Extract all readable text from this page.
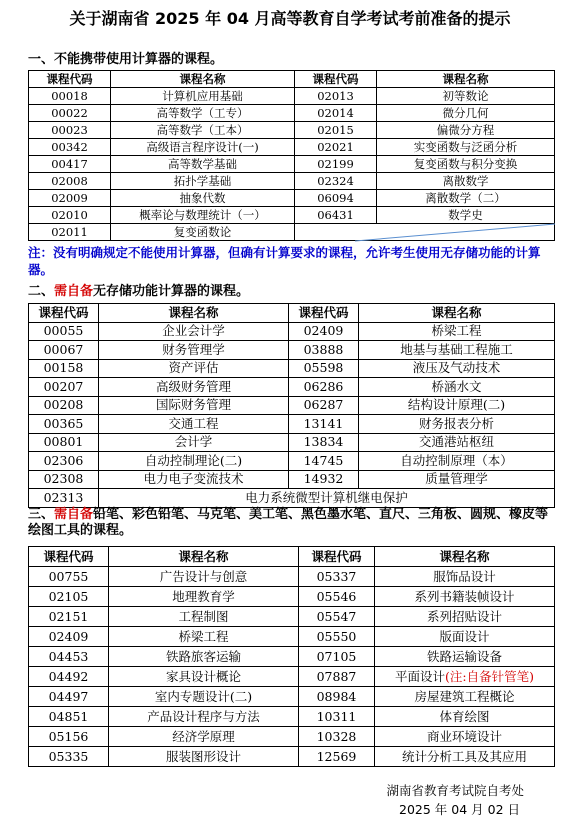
关于湖南省 2025 年 04 月高等教育自学考试考前准备的提示
一、不能携带使用计算器的课程。
课程代码	课程名称	课程代码	课程名称
00018	计算机应用基础	02013	初等数论
00022	高等数学（工专）	02014	微分几何
00023	高等数学（工本）	02015	偏微分方程
00342	高级语言程序设计(一)	02021	实变函数与泛函分析
00417	高等数学基础	02199	复变函数与积分变换
02008	拓扑学基础	02324	离散数学
02009	抽象代数	06094	离散数学（二）
02010	概率论与数理统计（一）	06431	数学史
02011	复变函数论		
注：没有明确规定不能使用计算器，但确有计算要求的课程，允许考生使用无存储功能的计算器。
二、需自备无存储功能计算器的课程。
课程代码	课程名称	课程代码	课程名称
00055	企业会计学	02409	桥梁工程
00067	财务管理学	03888	地基与基础工程施工
00158	资产评估	05598	液压及气动技术
00207	高级财务管理	06286	桥涵水文
00208	国际财务管理	06287	结构设计原理(二)
00365	交通工程	13141	财务报表分析
00801	会计学	13834	交通港站枢纽
02306	自动控制理论(二)	14745	自动控制原理（本）
02308	电力电子变流技术	14932	质量管理学
02313	电力系统微型计算机继电保护		
三、需自备铅笔、彩色铅笔、马克笔、美工笔、黑色墨水笔、直尺、三角板、圆规、橡皮等绘图工具的课程。
课程代码	课程名称	课程代码	课程名称
00755	广告设计与创意	05337	服饰品设计
02105	地理教育学	05546	系列书籍装帧设计
02151	工程制图	05547	系列招贴设计
02409	桥梁工程	05550	版面设计
04453	铁路旅客运输	07105	铁路运输设备
04492	家具设计概论	07887	平面设计(注:自备针管笔)
04497	室内专题设计(二)	08984	房屋建筑工程概论
04851	产品设计程序与方法	10311	体育绘图
05156	经济学原理	10328	商业环境设计
05335	服装图形设计	12569	统计分析工具及其应用
湖南省教育考试院自考处
2025 年 04 月 02 日
